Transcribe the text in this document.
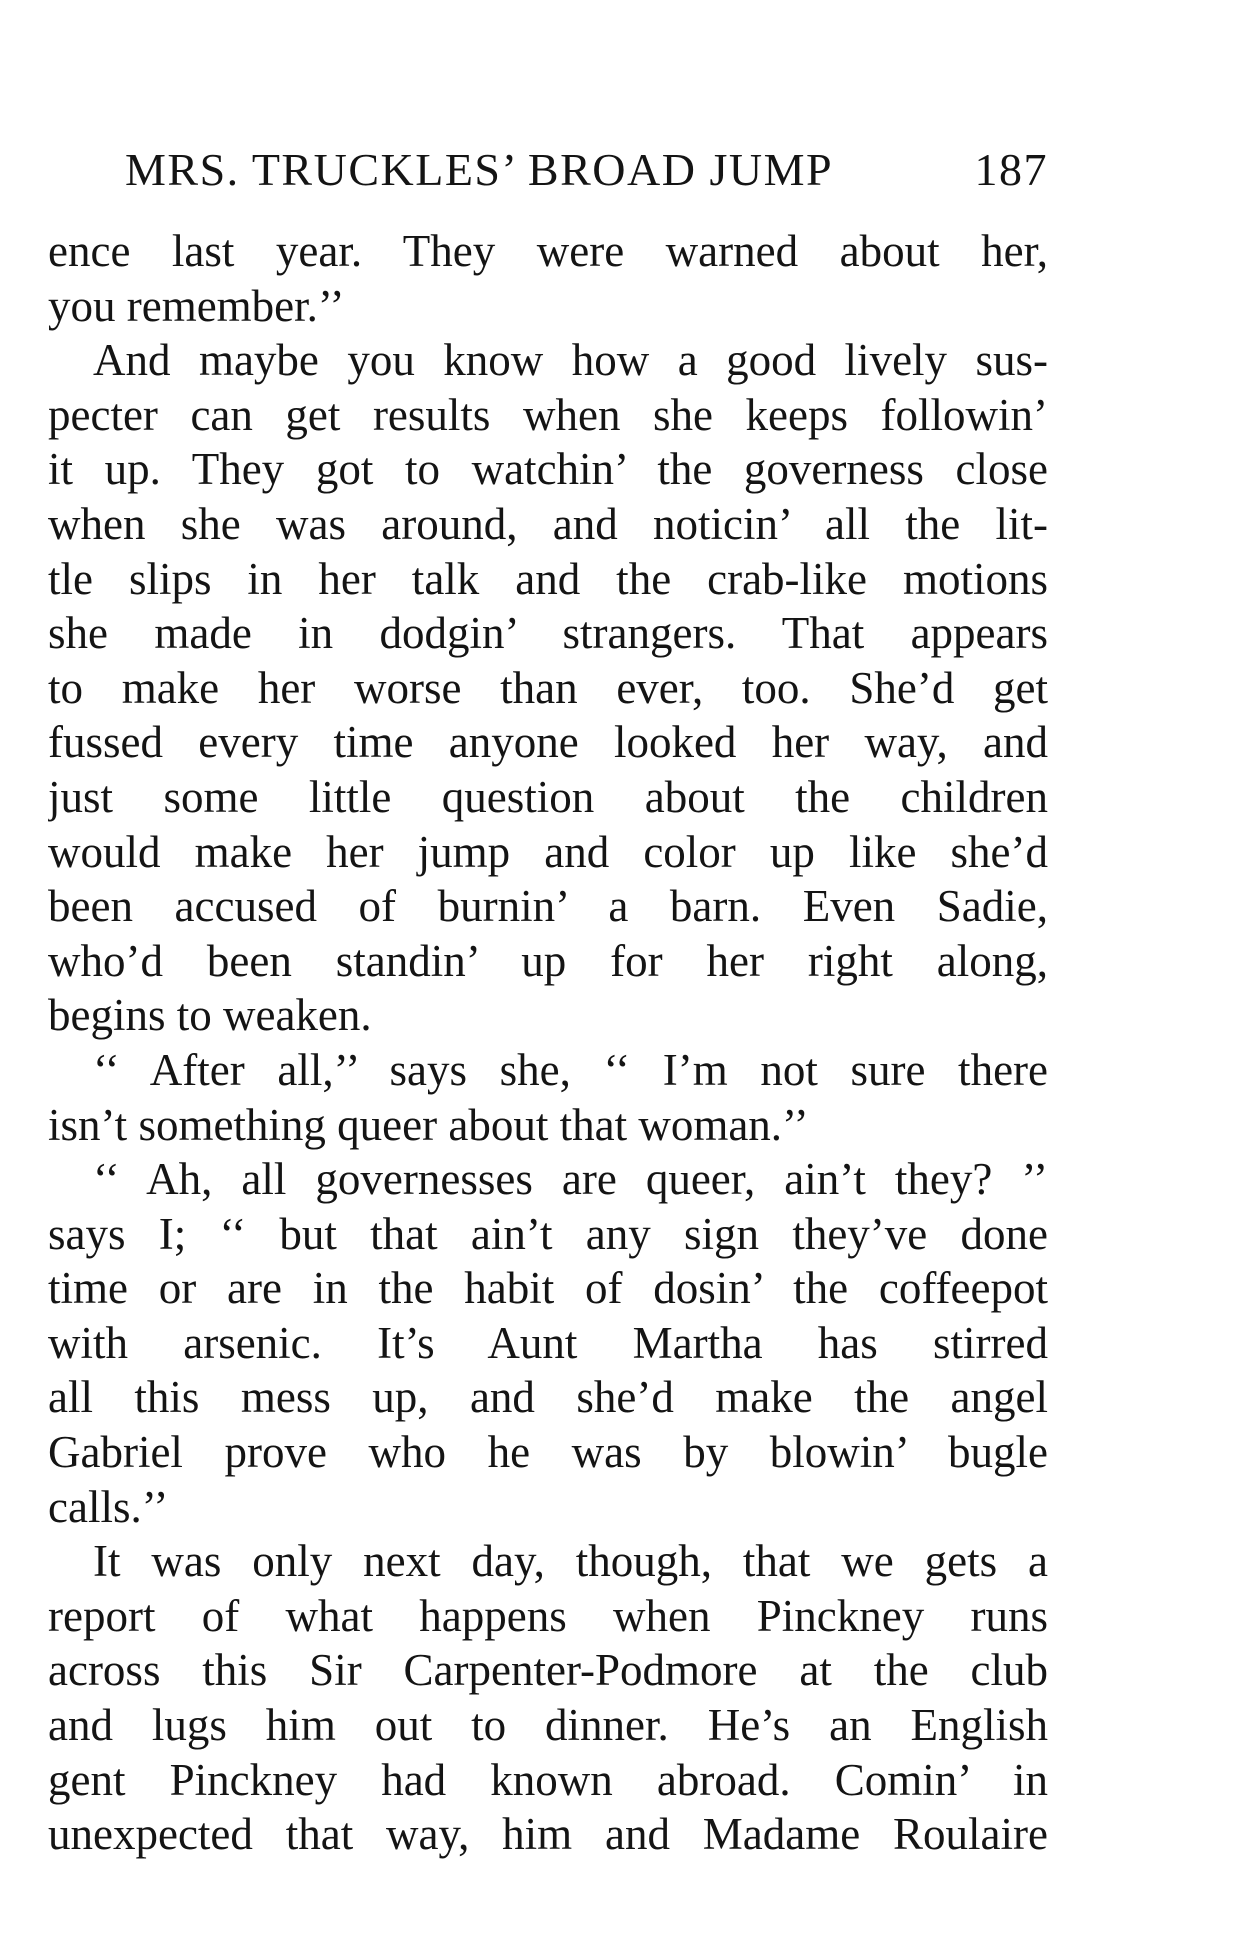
MRS. TRUCKLES’ BROAD JUMP	187
ence last year. They were warned about her,
you remember.’’
And maybe you know how a good lively sus-
pecter can get results when she keeps followin’
it up. They got to watchin’ the governess close
when she was around, and noticin’ all the lit-
tle slips in her talk and the crab-like motions
she made in dodgin’ strangers. That appears
to make her worse than ever, too. She’d get
fussed every time anyone looked her way, and
just some little question about the children
would make her jump and color up like she’d
been accused of burnin’ a barn. Even Sadie,
who’d been standin’ up for her right along,
begins to weaken.
‘‘ After all,’’ says she, ‘‘ I’m not sure there
isn’t something queer about that woman.’’
‘‘ Ah, all governesses are queer, ain’t they? ’’
says I; ‘‘ but that ain’t any sign they’ve done
time or are in the habit of dosin’ the coffeepot
with arsenic. It’s Aunt Martha has stirred
all this mess up, and she’d make the angel
Gabriel prove who he was by blowin’ bugle
calls.’’
It was only next day, though, that we gets a
report of what happens when Pinckney runs
across this Sir Carpenter-Podmore at the club
and lugs him out to dinner. He’s an English
gent Pinckney had known abroad. Comin’ in
unexpected that way, him and Madame Roulaire
